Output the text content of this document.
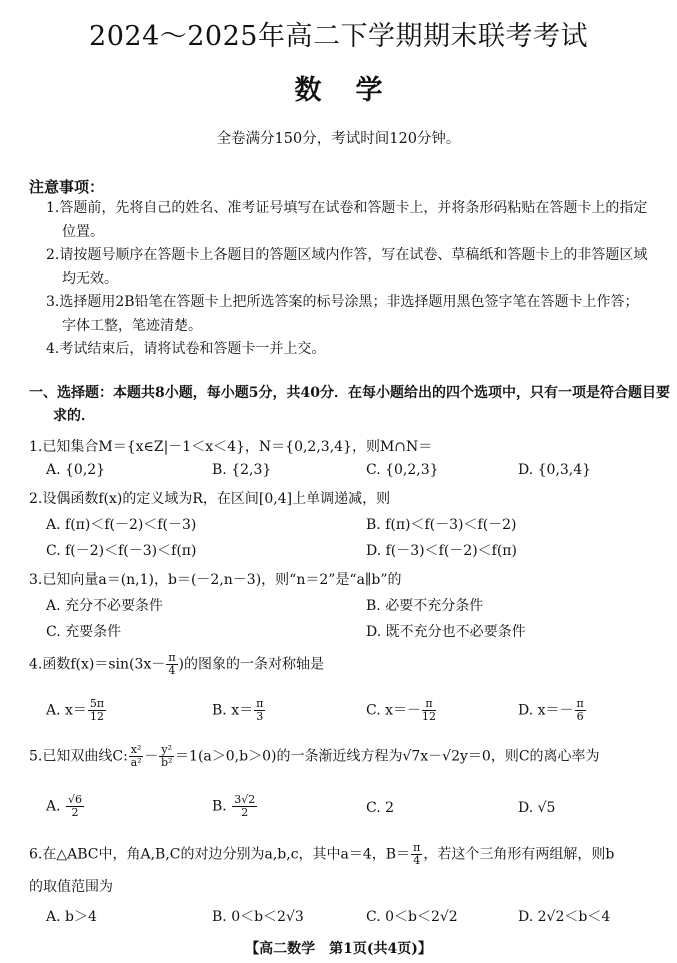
2024～2025年高二下学期期末联考考试
数学
全卷满分150分，考试时间120分钟。
注意事项：

1.答题前，先将自己的姓名、准考证号填写在试卷和答题卡上，并将条形码粘贴在答题卡上的指定位置。

2.请按题号顺序在答题卡上各题目的答题区域内作答，写在试卷、草稿纸和答题卡上的非答题区域均无效。

3.选择题用2B铅笔在答题卡上把所选答案的标号涂黑；非选择题用黑色签字笔在答题卡上作答；字体工整，笔迹清楚。

4.考试结束后，请将试卷和答题卡一并上交。

一、选择题：本题共8小题，每小题5分，共40分．在每小题给出的四个选项中，只有一项是符合题目要求的．
1.已知集合M＝{x∈Z|－1＜x＜4}，N＝{0,2,3,4}，则M∩N＝
A. {0,2}	B. {2,3}	C. {0,2,3}	D. {0,3,4}
2.设偶函数f(x)的定义域为R，在区间[0,4]上单调递减，则
A. f(π)＜f(－2)＜f(－3)	B. f(π)＜f(－3)＜f(－2)
C. f(－2)＜f(－3)＜f(π)	D. f(－3)＜f(－2)＜f(π)
3.已知向量a＝(n,1)，b＝(－2,n－3)，则“n＝2”是“a∥b”的
A. 充分不必要条件	B. 必要不充分条件
C. 充要条件	D. 既不充分也不必要条件
4.函数$f(x)=\sin(3x- \frac{\pi}{4}$ )的图象的一条对称轴是
A. $x= \frac{5\pi}{12}$	B. $x= \frac{\pi}{3}$	C. $x=- \frac{\pi}{12}$	D. $x=- \frac{\pi}{6}$
5.已知双曲线C: $\frac{\text{x²}}{\text{a²}} - \frac{\text{y²}}{\text{b²}} =1(a>0,b>0)$的一条渐近线方程为√7x－√2y＝0，则C的离心率为
A. $\frac{√6}{2}$	B. $\frac{3√2}{2}$	C. 2	D. √5
6.在△ABC中，角A,B,C的对边分别为a,b,c，其中a＝4，$B= \frac{\pi}{4}$ ，若这个三角形有两组解，则b
的取值范围为
A. b＞4	B. 0＜b＜2√3	C. 0＜b＜2√2	D. 2√2＜b＜4
【高二数学　第1页(共4页)】
